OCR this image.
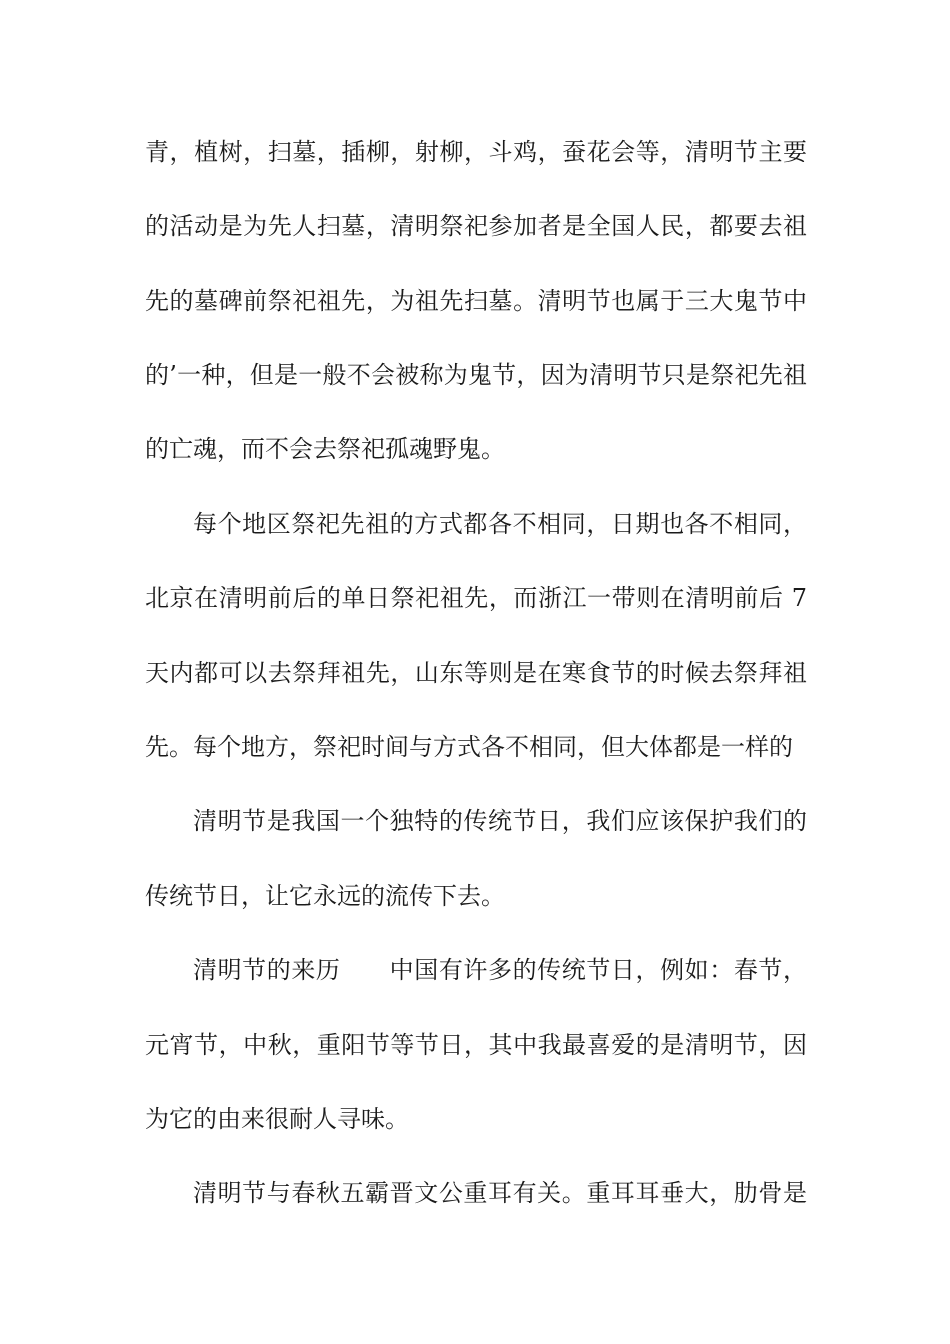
青，植树，扫墓，插柳，射柳，斗鸡，蚕花会等，清明节主要
的活动是为先人扫墓，清明祭祀参加者是全国人民，都要去祖
先的墓碑前祭祀祖先，为祖先扫墓。清明节也属于三大鬼节中
的’一种，但是一般不会被称为鬼节，因为清明节只是祭祀先祖
的亡魂，而不会去祭祀孤魂野鬼。
每个地区祭祀先祖的方式都各不相同，日期也各不相同，
北京在清明前后的单日祭祀祖先，而浙江一带则在清明前后 7
天内都可以去祭拜祖先，山东等则是在寒食节的时候去祭拜祖
先。每个地方，祭祀时间与方式各不相同，但大体都是一样的
清明节是我国一个独特的传统节日，我们应该保护我们的
传统节日，让它永远的流传下去。
清明节的来历　　中国有许多的传统节日，例如：春节，
元宵节，中秋，重阳节等节日，其中我最喜爱的是清明节，因
为它的由来很耐人寻味。
清明节与春秋五霸晋文公重耳有关。重耳耳垂大，肋骨是
